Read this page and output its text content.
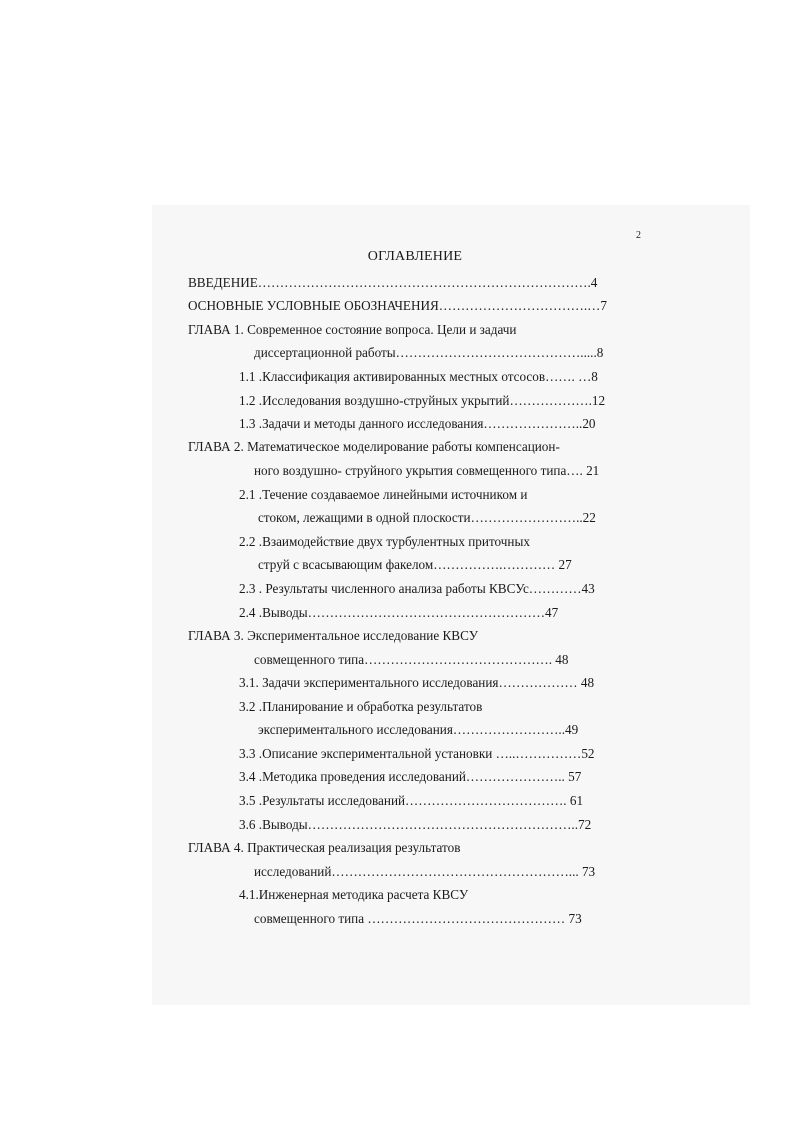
2
ОГЛАВЛЕНИЕ
ВВЕДЕНИЕ………………………………………………………………….4
ОСНОВНЫЕ УСЛОВНЫЕ ОБОЗНАЧЕНИЯ…………………………….…7
ГЛАВА 1. Современное состояние вопроса. Цели и задачи
диссертационной работы…………………………………….....8
1.1 .Классификация активированных местных отсосов……. …8
1.2 .Исследования воздушно-струйных укрытий……………….12
1.3 .Задачи и методы данного исследования…………………..20
ГЛАВА 2. Математическое моделирование работы компенсацион-
ного воздушно- струйного укрытия совмещенного типа…. 21
2.1 .Течение создаваемое линейными источником и
стоком, лежащими в одной плоскости……………………..22
2.2 .Взаимодействие двух турбулентных приточных
струй с всасывающим факелом…………….………… 27
2.3 . Результаты численного анализа работы КВСУс…………43
2.4 .Выводы………………………………………………47
ГЛАВА 3. Экспериментальное исследование КВСУ
совмещенного типа……………………………………. 48
3.1. Задачи экспериментального исследования……………… 48
3.2 .Планирование и обработка результатов
экспериментального исследования……………………..49
3.3 .Описание экспериментальной установки …..……………52
3.4 .Методика проведения исследований………………….. 57
3.5 .Результаты исследований………………………………. 61
3.6 .Выводы……………………………………………………..72
ГЛАВА 4. Практическая реализация результатов
исследований………………………………………………... 73
4.1.Инженерная методика расчета КВСУ
совмещенного типа ……………………………………… 73
